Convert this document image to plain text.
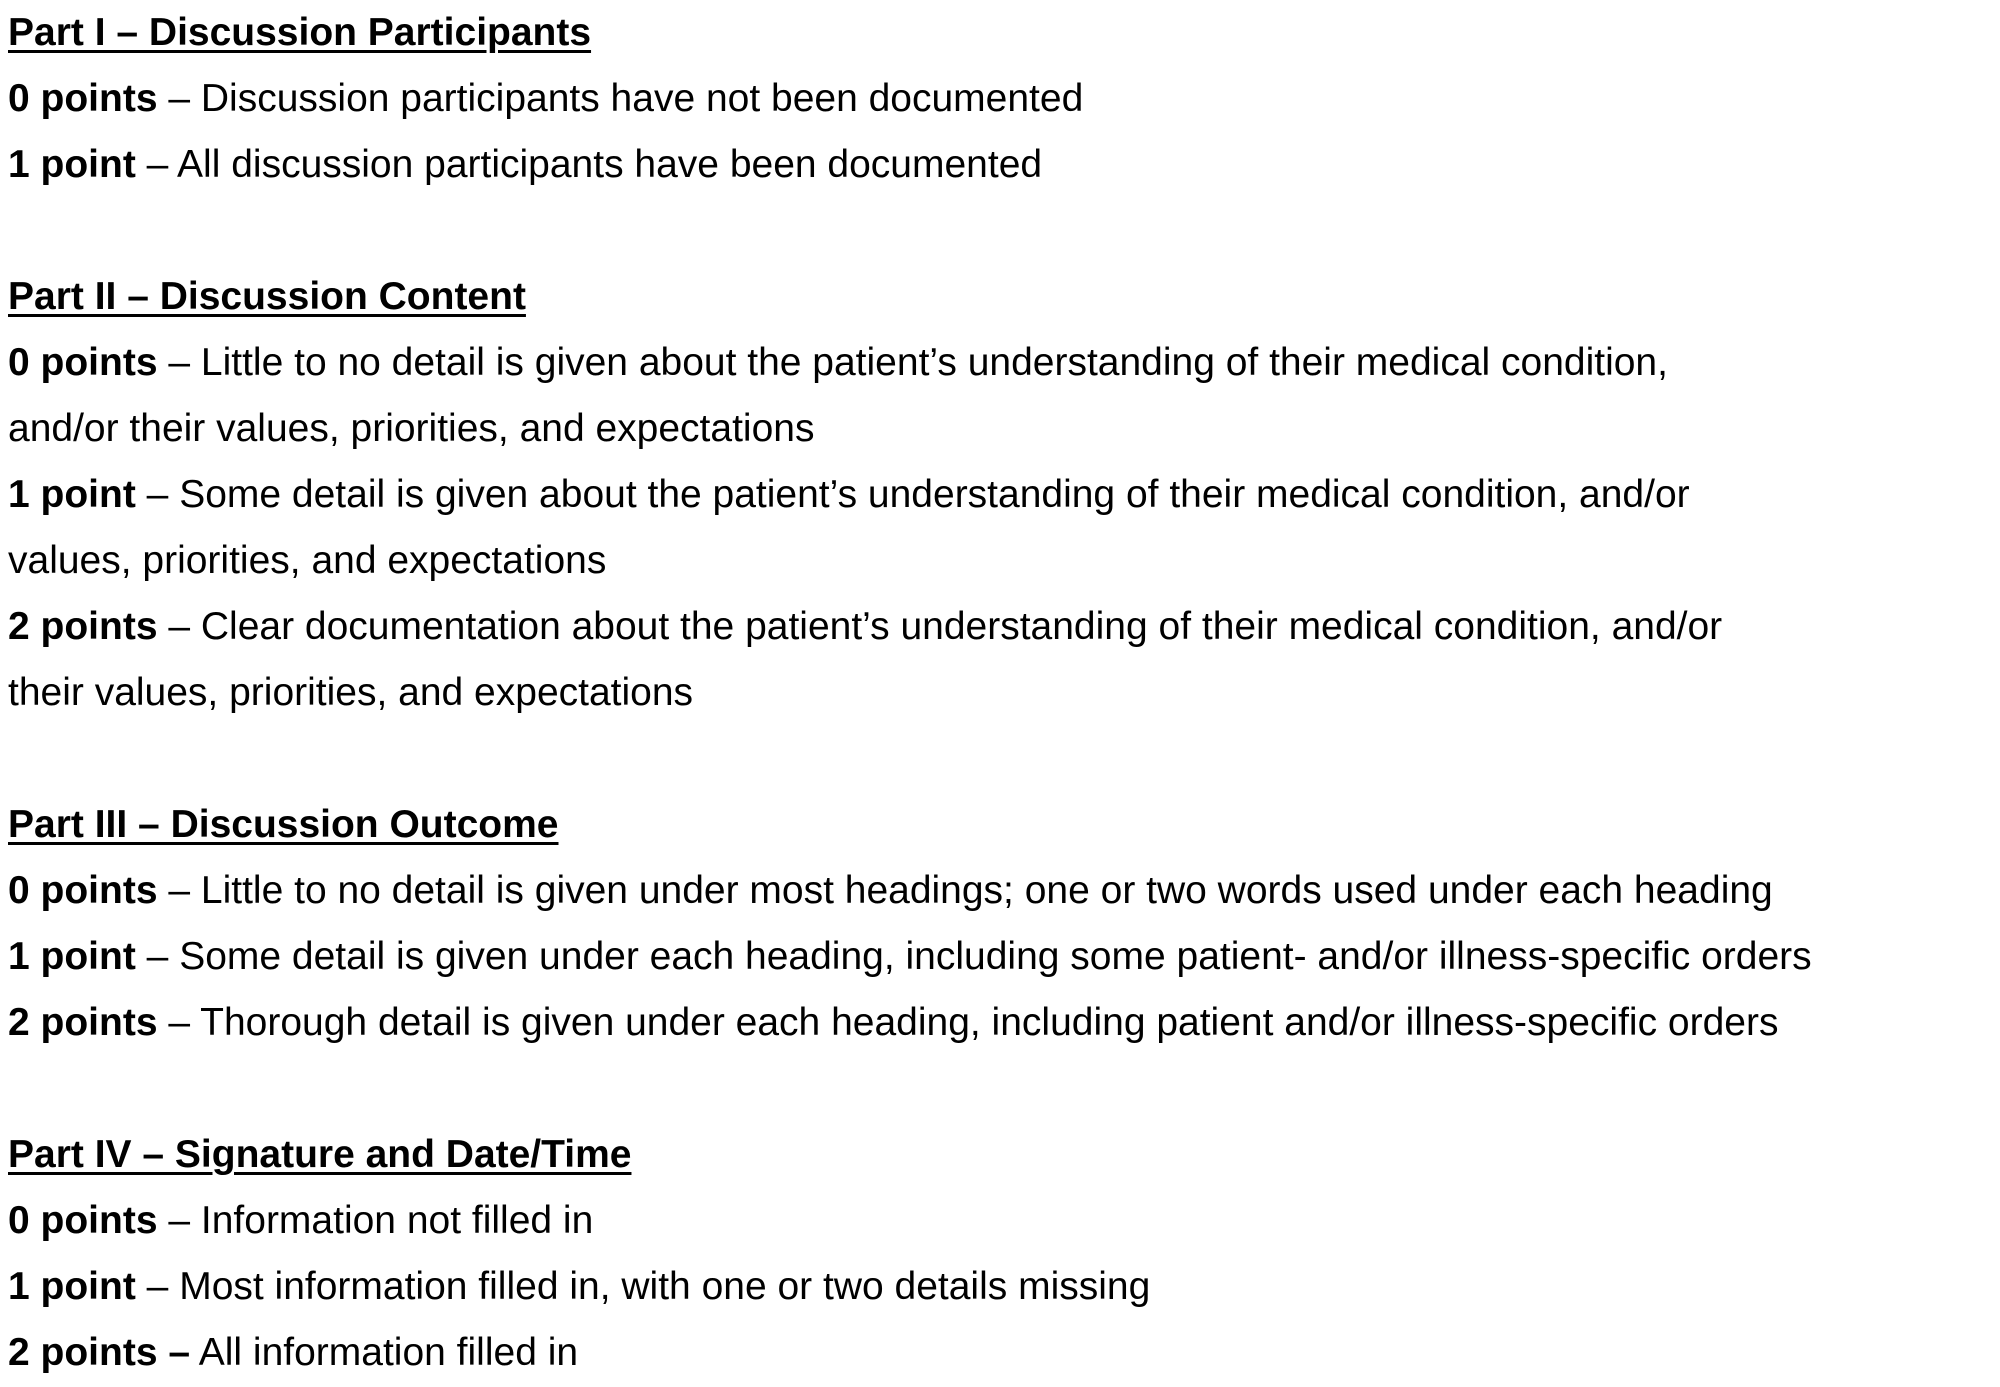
Part I – Discussion Participants
0 points – Discussion participants have not been documented
1 point – All discussion participants have been documented
Part II – Discussion Content
0 points – Little to no detail is given about the patient’s understanding of their medical condition,
and/or their values, priorities, and expectations
1 point – Some detail is given about the patient’s understanding of their medical condition, and/or
values, priorities, and expectations
2 points – Clear documentation about the patient’s understanding of their medical condition, and/or
their values, priorities, and expectations
Part III – Discussion Outcome
0 points – Little to no detail is given under most headings; one or two words used under each heading
1 point – Some detail is given under each heading, including some patient- and/or illness-specific orders
2 points – Thorough detail is given under each heading, including patient and/or illness-specific orders
Part IV – Signature and Date/Time
0 points – Information not filled in
1 point – Most information filled in, with one or two details missing
2 points – All information filled in
